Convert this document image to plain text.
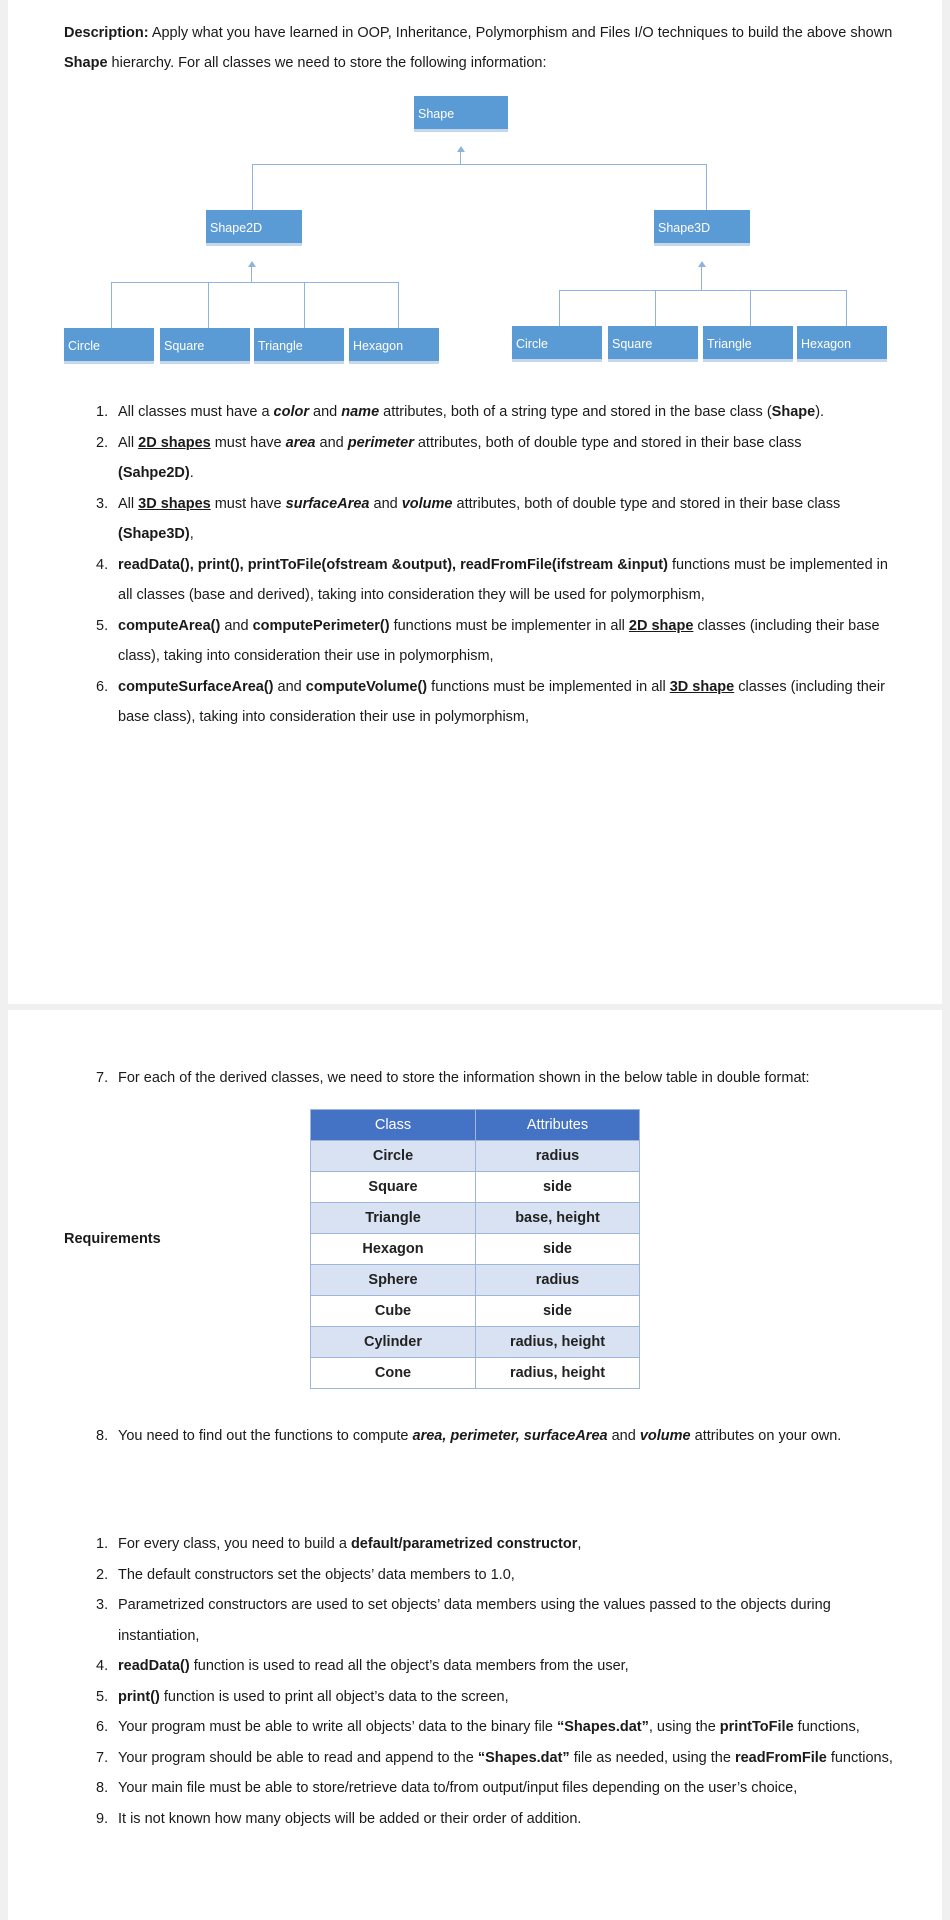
Description: Apply what you have learned in OOP, Inheritance, Polymorphism and Files I/O techniques to build the above shown Shape hierarchy. For all classes we need to store the following information:
Shape
Shape2D	Shape3D
Circle	Square	Triangle	Hexagon	Circle	Square	Triangle	Hexagon
1. All classes must have a color and name attributes, both of a string type and stored in the base class (Shape).
2. All 2D shapes must have area and perimeter attributes, both of double type and stored in their base class
(Sahpe2D).
3. All 3D shapes must have surfaceArea and volume attributes, both of double type and stored in their base class
(Shape3D),
4. readData(), print(), printToFile(ofstream &output), readFromFile(ifstream &input) functions must be implemented in all classes (base and derived), taking into consideration they will be used for polymorphism,
5. computeArea() and computePerimeter() functions must be implementer in all 2D shape classes (including their base class), taking into consideration their use in polymorphism,
6. computeSurfaceArea() and computeVolume() functions must be implemented in all 3D shape classes (including their base class), taking into consideration their use in polymorphism,
7. For each of the derived classes, we need to store the information shown in the below table in double format:
Class	Attributes
Circle	radius
Square	side
Triangle	base, height
Hexagon	side
Sphere	radius
Cube	side
Cylinder	radius, height
Cone	radius, height
8. You need to find out the functions to compute area, perimeter, surfaceArea and volume attributes on your own.
Requirements
1. For every class, you need to build a default/parametrized constructor,
2. The default constructors set the objects’ data members to 1.0,
3. Parametrized constructors are used to set objects’ data members using the values passed to the objects during instantiation,
4. readData() function is used to read all the object’s data members from the user,
5. print() function is used to print all object’s data to the screen,
6. Your program must be able to write all objects’ data to the binary file “Shapes.dat”, using the printToFile functions,
7. Your program should be able to read and append to the “Shapes.dat” file as needed, using the readFromFile functions,
8. Your main file must be able to store/retrieve data to/from output/input files depending on the user’s choice,
9. It is not known how many objects will be added or their order of addition.
